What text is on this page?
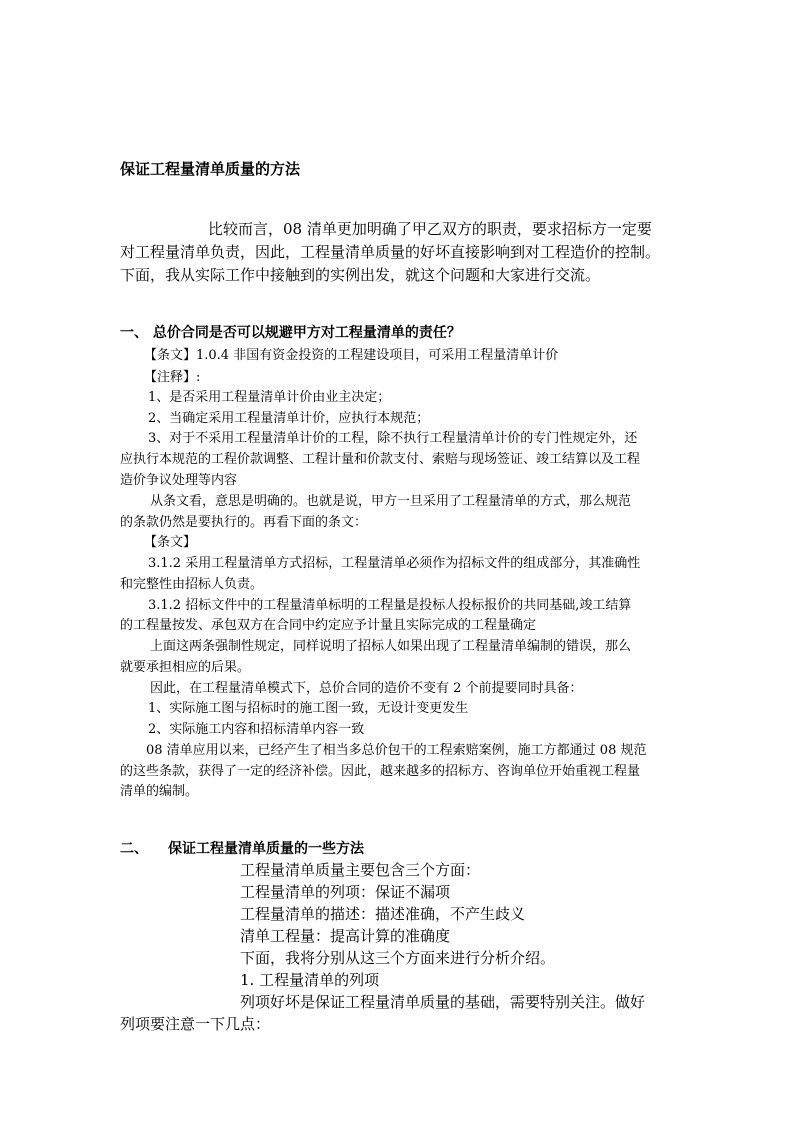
保证工程量清单质量的方法
比较而言，08 清单更加明确了甲乙双方的职责，要求招标方一定要
对工程量清单负责，因此，工程量清单质量的好坏直接影响到对工程造价的控制。
下面，我从实际工作中接触到的实例出发，就这个问题和大家进行交流。
一、 总价合同是否可以规避甲方对工程量清单的责任？
【条文】1.0.4 非国有资金投资的工程建设项目，可采用工程量清单计价
【注释】:
1、是否采用工程量清单计价由业主决定；
2、当确定采用工程量清单计价，应执行本规范；
3、对于不采用工程量清单计价的工程，除不执行工程量清单计价的专门性规定外，还
应执行本规范的工程价款调整、工程计量和价款支付、索赔与现场签证、竣工结算以及工程
造价争议处理等内容
从条文看，意思是明确的。也就是说，甲方一旦采用了工程量清单的方式，那么规范
的条款仍然是要执行的。再看下面的条文：
【条文】
3.1.2 采用工程量清单方式招标，工程量清单必须作为招标文件的组成部分，其准确性
和完整性由招标人负责。
3.1.2 招标文件中的工程量清单标明的工程量是投标人投标报价的共同基础,竣工结算
的工程量按发、承包双方在合同中约定应予计量且实际完成的工程量确定
上面这两条强制性规定，同样说明了招标人如果出现了工程量清单编制的错误，那么
就要承担相应的后果。
因此，在工程量清单模式下，总价合同的造价不变有 2 个前提要同时具备：
1、实际施工图与招标时的施工图一致，无设计变更发生
2、实际施工内容和招标清单内容一致
08 清单应用以来，已经产生了相当多总价包干的工程索赔案例，施工方都通过 08 规范
的这些条款，获得了一定的经济补偿。因此，越来越多的招标方、咨询单位开始重视工程量
清单的编制。
二、 保证工程量清单质量的一些方法
工程量清单质量主要包含三个方面：
工程量清单的列项：保证不漏项
工程量清单的描述：描述准确，不产生歧义
清单工程量：提高计算的准确度
下面，我将分别从这三个方面来进行分析介绍。
1. 工程量清单的列项
列项好坏是保证工程量清单质量的基础，需要特别关注。做好
列项要注意一下几点：
